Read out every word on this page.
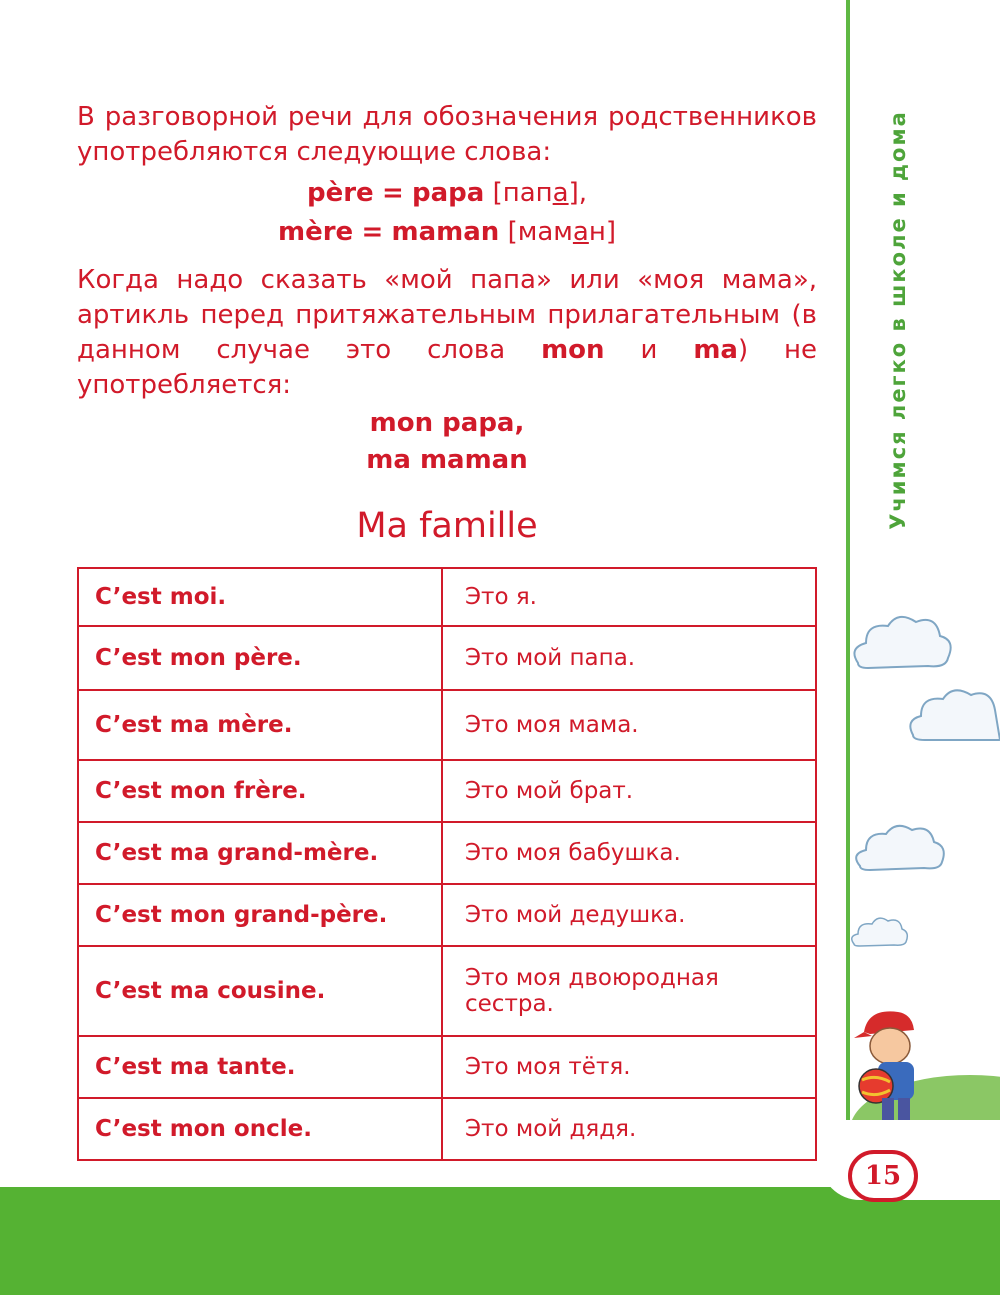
Учимся легко в школе и дома
15
В разговорной речи для обозначения родственников употребляются следующие слова:
père = papa [папа],
mère = maman [маман]
Когда надо сказать «мой папа» или «моя мама», артикль перед притяжательным прилагательным (в данном случае это слова mon и ma) не употребляется:
mon papa,
ma maman
Ma famille
C’est moi.	Это я.
C’est mon père.	Это мой папа.
C’est ma mère.	Это моя мама.
C’est mon frère.	Это мой брат.
C’est ma grand-mère.	Это моя бабушка.
C’est mon grand-père.	Это мой дедушка.
C’est ma cousine.	Это моя двоюродная сестра.
C’est ma tante.	Это моя тётя.
C’est mon oncle.	Это мой дядя.
